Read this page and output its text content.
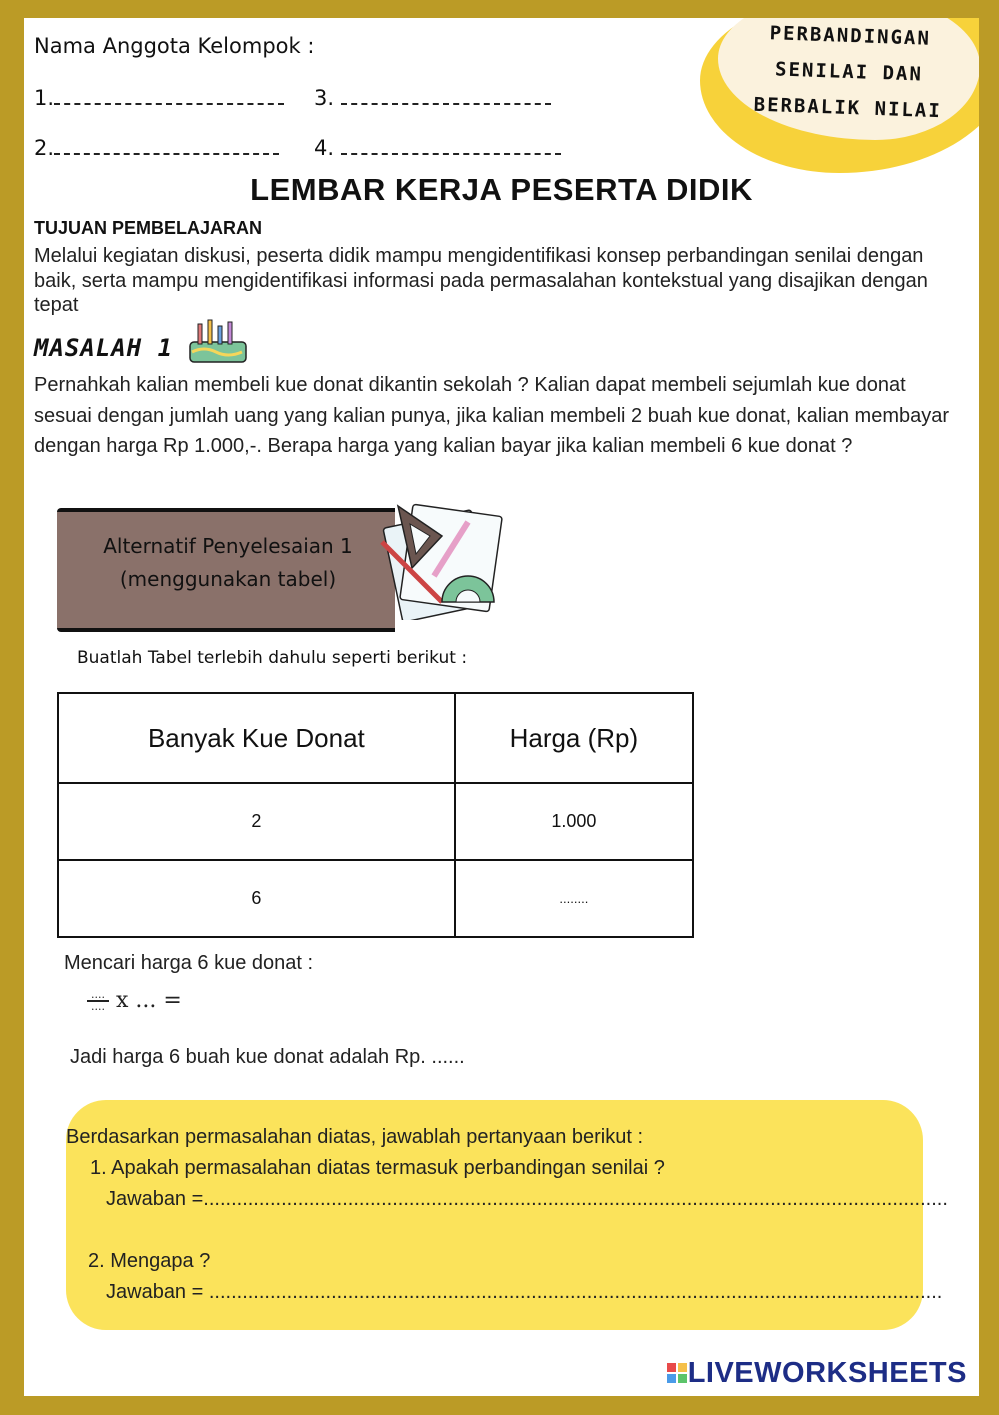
PERBANDINGAN
SENILAI DAN
BERBALIK NILAI
Nama Anggota Kelompok :
1.	3.
2.	4.
LEMBAR KERJA PESERTA DIDIK
TUJUAN PEMBELAJARAN
Melalui kegiatan diskusi, peserta didik mampu mengidentifikasi konsep perbandingan senilai dengan baik, serta mampu mengidentifikasi informasi pada permasalahan kontekstual yang disajikan dengan tepat
MASALAH 1
Pernahkah kalian membeli kue donat dikantin sekolah ? Kalian dapat membeli sejumlah kue donat sesuai dengan jumlah uang yang kalian punya, jika kalian membeli 2 buah kue donat, kalian membayar dengan harga Rp 1.000,-. Berapa harga yang kalian bayar jika kalian membeli 6 kue donat ?
Alternatif Penyelesaian 1
(menggunakan tabel)
Buatlah Tabel terlebih dahulu seperti berikut :
Banyak Kue Donat	Harga (Rp)
2	1.000
6	........
Mencari harga 6 kue donat :
....
.... x ... =
Jadi harga 6 buah kue donat adalah Rp. ......
Berdasarkan permasalahan diatas, jawablah pertanyaan berikut :
1. Apakah permasalahan diatas termasuk perbandingan senilai ?
Jawaban =......................................................................................................................................
2. Mengapa ?
Jawaban = ....................................................................................................................................
LIVEWORKSHEETS
